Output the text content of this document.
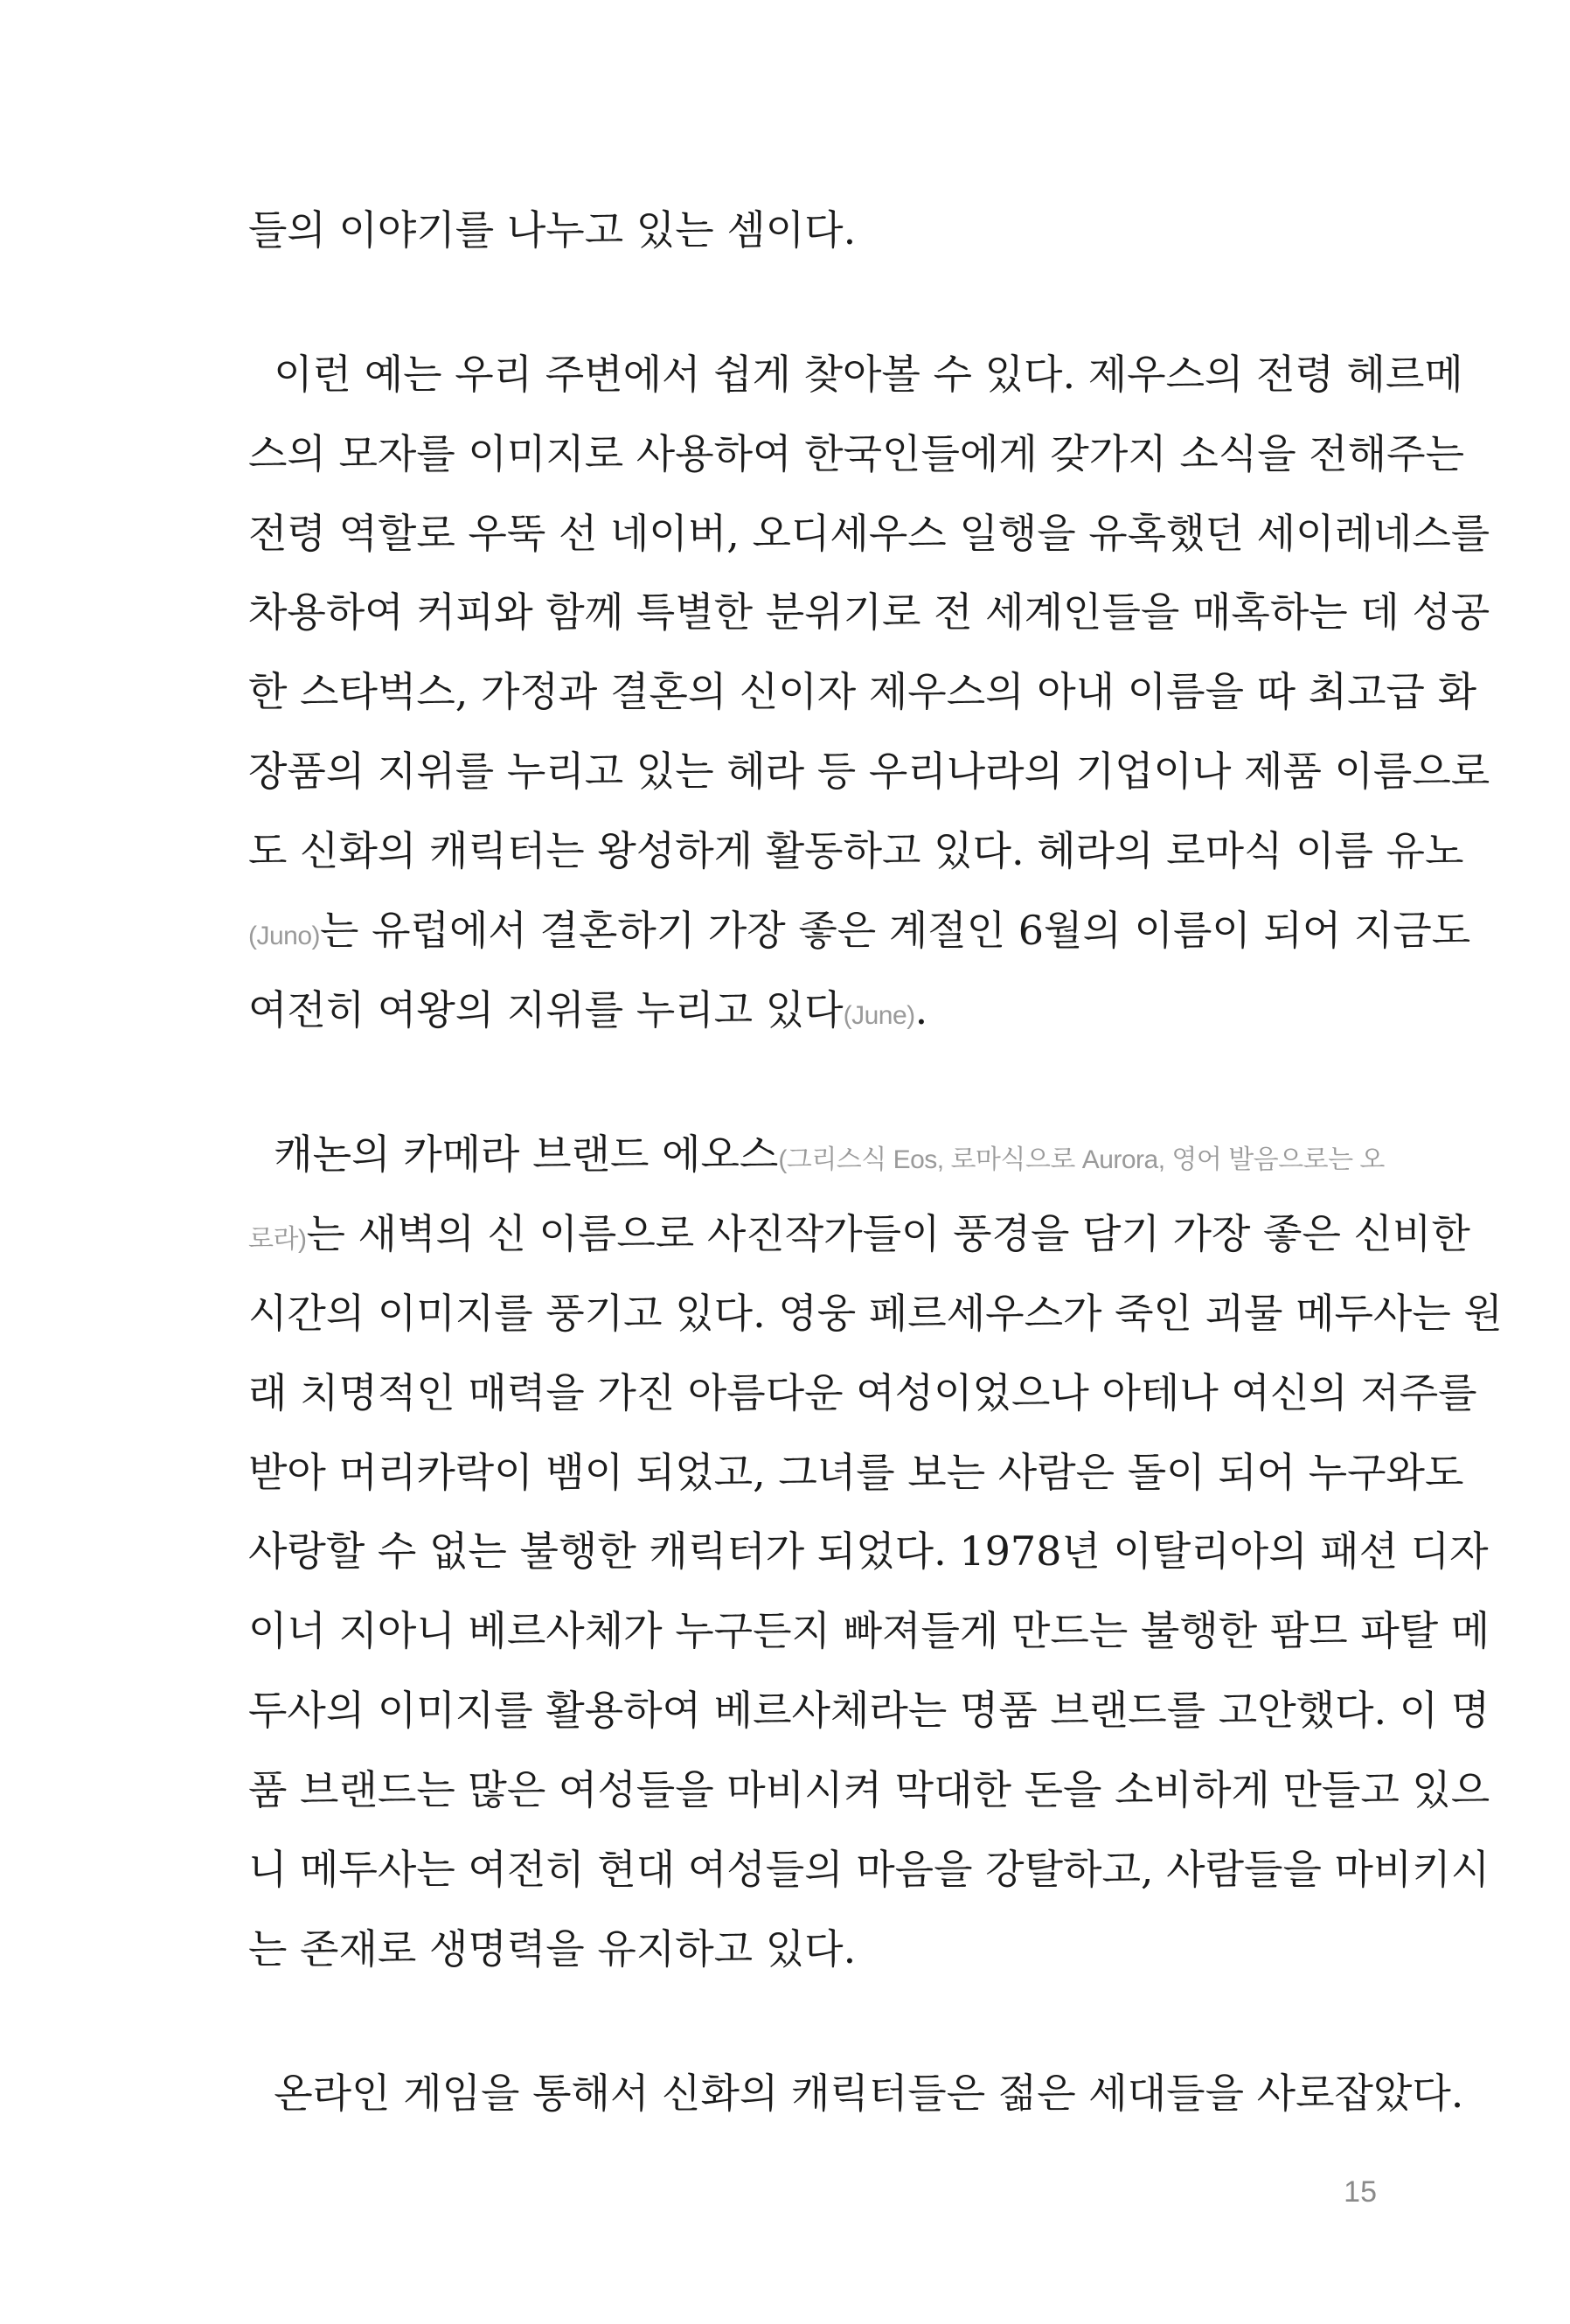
들의 이야기를 나누고 있는 셈이다.
이런 예는 우리 주변에서 쉽게 찾아볼 수 있다. 제우스의 전령 헤르메
스의 모자를 이미지로 사용하여 한국인들에게 갖가지 소식을 전해주는
전령 역할로 우뚝 선 네이버, 오디세우스 일행을 유혹했던 세이레네스를
차용하여 커피와 함께 특별한 분위기로 전 세계인들을 매혹하는 데 성공
한 스타벅스, 가정과 결혼의 신이자 제우스의 아내 이름을 따 최고급 화
장품의 지위를 누리고 있는 헤라 등 우리나라의 기업이나 제품 이름으로
도 신화의 캐릭터는 왕성하게 활동하고 있다. 헤라의 로마식 이름 유노
(Juno)는 유럽에서 결혼하기 가장 좋은 계절인 6월의 이름이 되어 지금도
여전히 여왕의 지위를 누리고 있다(June).
캐논의 카메라 브랜드 에오스(그리스식 Eos, 로마식으로 Aurora, 영어 발음으로는 오
로라)는 새벽의 신 이름으로 사진작가들이 풍경을 담기 가장 좋은 신비한
시간의 이미지를 풍기고 있다. 영웅 페르세우스가 죽인 괴물 메두사는 원
래 치명적인 매력을 가진 아름다운 여성이었으나 아테나 여신의 저주를
받아 머리카락이 뱀이 되었고, 그녀를 보는 사람은 돌이 되어 누구와도
사랑할 수 없는 불행한 캐릭터가 되었다. 1978년 이탈리아의 패션 디자
이너 지아니 베르사체가 누구든지 빠져들게 만드는 불행한 팜므 파탈 메
두사의 이미지를 활용하여 베르사체라는 명품 브랜드를 고안했다. 이 명
품 브랜드는 많은 여성들을 마비시켜 막대한 돈을 소비하게 만들고 있으
니 메두사는 여전히 현대 여성들의 마음을 강탈하고, 사람들을 마비키시
는 존재로 생명력을 유지하고 있다.
온라인 게임을 통해서 신화의 캐릭터들은 젊은 세대들을 사로잡았다.
15
